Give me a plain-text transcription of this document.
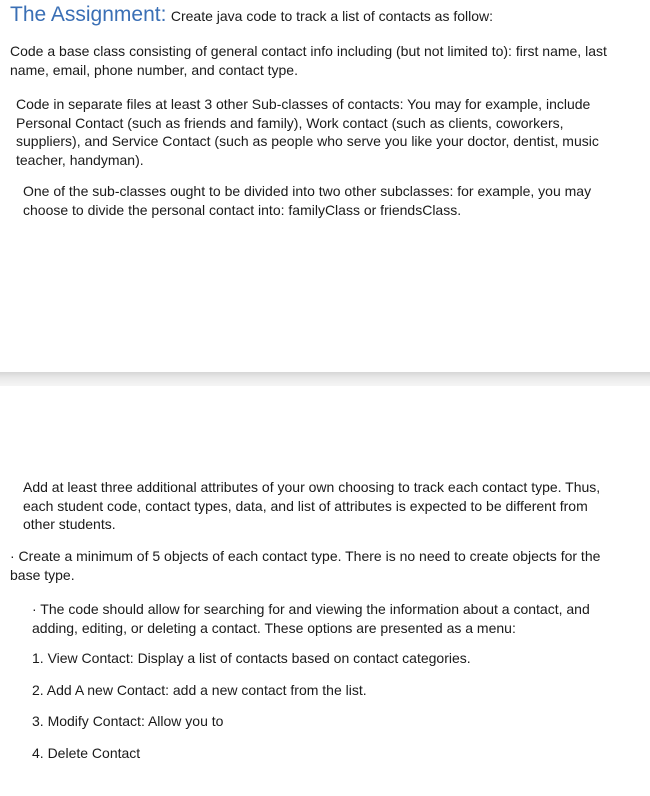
The Assignment: Create java code to track a list of contacts as follow:

Code a base class consisting of general contact info including (but not limited to): first name, last name, email, phone number, and contact type.

Code in separate files at least 3 other Sub-classes of contacts: You may for example, include Personal Contact (such as friends and family), Work contact (such as clients, coworkers, suppliers), and Service Contact (such as people who serve you like your doctor, dentist, music teacher, handyman).

One of the sub-classes ought to be divided into two other subclasses: for example, you may choose to divide the personal contact into: familyClass or friendsClass.

Add at least three additional attributes of your own choosing to track each contact type. Thus, each student code, contact types, data, and list of attributes is expected to be different from other students.

· Create a minimum of 5 objects of each contact type. There is no need to create objects for the base type.

· The code should allow for searching for and viewing the information about a contact, and adding, editing, or deleting a contact. These options are presented as a menu:

1. View Contact: Display a list of contacts based on contact categories.

2. Add A new Contact: add a new contact from the list.

3. Modify Contact: Allow you to

4. Delete Contact
